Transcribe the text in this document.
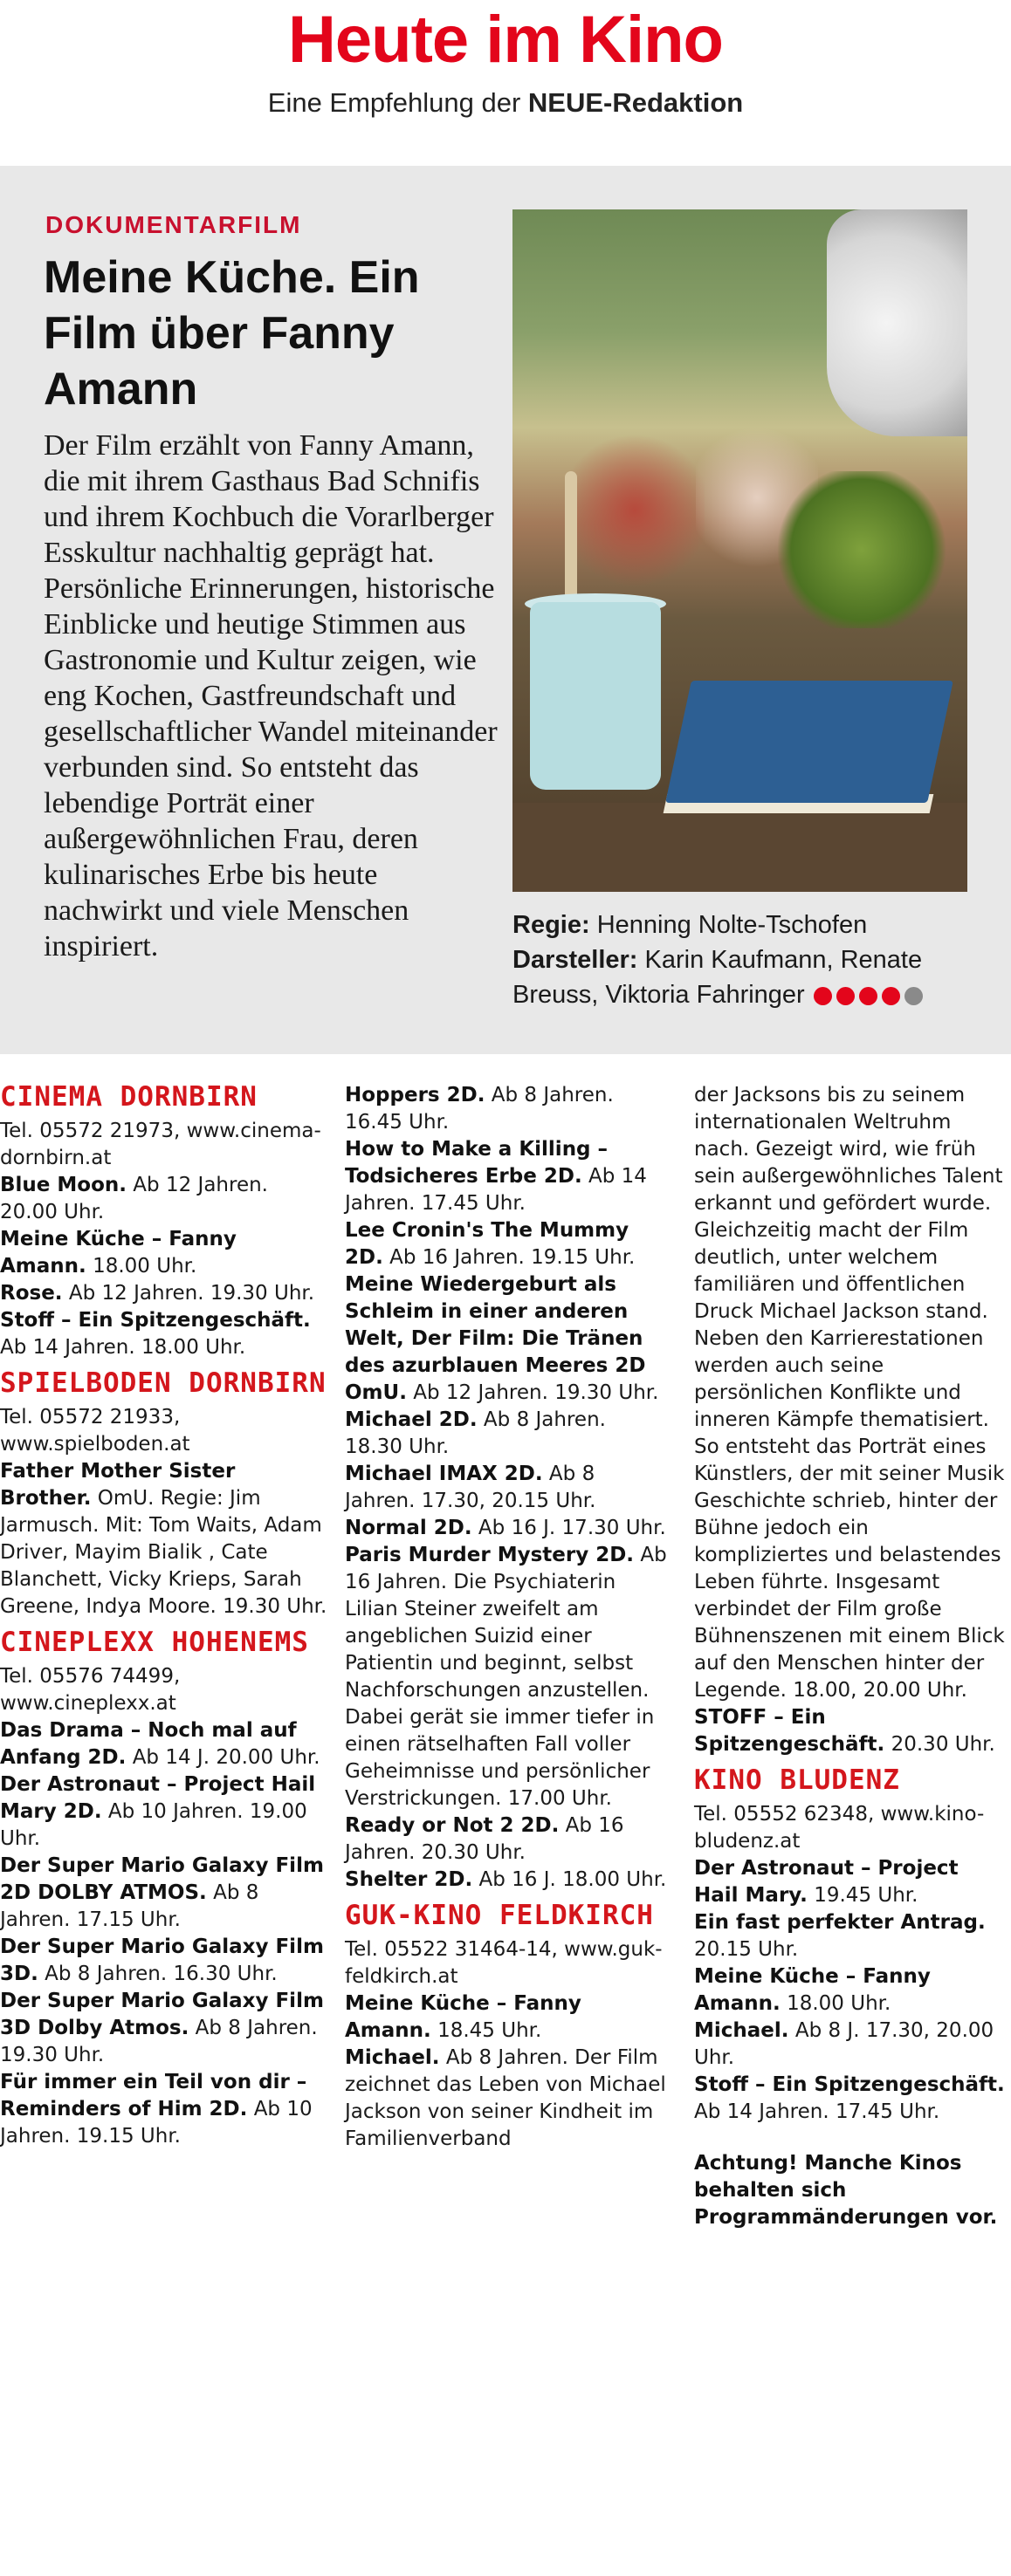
Heute im Kino
Eine Empfehlung der NEUE-Redaktion
DOKUMENTARFILM
Meine Küche. Ein Film über Fanny Amann
Der Film erzählt von Fanny Amann, die mit ihrem Gasthaus Bad Schnifis und ihrem Kochbuch die Vorarlberger Esskultur nachhaltig geprägt hat. Persönliche Erinnerungen, historische Einblicke und heutige Stimmen aus Gastronomie und Kultur zeigen, wie eng Kochen, Gastfreundschaft und gesellschaftlicher Wandel miteinander verbunden sind. So entsteht das lebendige Porträt einer außergewöhnlichen Frau, deren kulinarisches Erbe bis heute nachwirkt und viele Menschen inspiriert.
Regie: Henning Nolte-Tschofen
Darsteller: Karin Kaufmann, Renate Breuss, Viktoria Fahringer
CINEMA DORNBIRN

Tel. 05572 21973, www.cinema-dornbirn.at

Blue Moon. Ab 12 Jahren. 20.00 Uhr.

Meine Küche – Fanny Amann. 18.00 Uhr.

Rose. Ab 12 Jahren. 19.30 Uhr.

Stoff – Ein Spitzengeschäft. Ab 14 Jahren. 18.00 Uhr.

SPIELBODEN DORNBIRN

Tel. 05572 21933, www.spielboden.at

Father Mother Sister Brother. OmU. Regie: Jim Jarmusch. Mit: Tom Waits, Adam Driver, Mayim Bialik , Cate Blanchett, Vicky Krieps, Sarah Greene, Indya Moore. 19.30 Uhr.

CINEPLEXX HOHENEMS

Tel. 05576 74499, www.cineplexx.at

Das Drama – Noch mal auf Anfang 2D. Ab 14 J. 20.00 Uhr.

Der Astronaut – Project Hail Mary 2D. Ab 10 Jahren. 19.00 Uhr.

Der Super Mario Galaxy Film 2D DOLBY ATMOS. Ab 8 Jahren. 17.15 Uhr.

Der Super Mario Galaxy Film 3D. Ab 8 Jahren. 16.30 Uhr.

Der Super Mario Galaxy Film 3D Dolby Atmos. Ab 8 Jahren. 19.30 Uhr.

Für immer ein Teil von dir – Reminders of Him 2D. Ab 10 Jahren. 19.15 Uhr.

Hoppers 2D. Ab 8 Jahren. 16.45 Uhr.

How to Make a Killing – Todsicheres Erbe 2D. Ab 14 Jahren. 17.45 Uhr.

Lee Cronin's The Mummy 2D. Ab 16 Jahren. 19.15 Uhr.

Meine Wiedergeburt als Schleim in einer anderen Welt, Der Film: Die Tränen des azurblauen Meeres 2D OmU. Ab 12 Jahren. 19.30 Uhr.

Michael 2D. Ab 8 Jahren. 18.30 Uhr.

Michael IMAX 2D. Ab 8 Jahren. 17.30, 20.15 Uhr.

Normal 2D. Ab 16 J. 17.30 Uhr.

Paris Murder Mystery 2D. Ab 16 Jahren. Die Psychiaterin Lilian Steiner zweifelt am angeblichen Suizid einer Patientin und beginnt, selbst Nachforschungen anzustellen. Dabei gerät sie immer tiefer in einen rätselhaften Fall voller Geheimnisse und persönlicher Verstrickungen. 17.00 Uhr.

Ready or Not 2 2D. Ab 16 Jahren. 20.30 Uhr.

Shelter 2D. Ab 16 J. 18.00 Uhr.

GUK-KINO FELDKIRCH

Tel. 05522 31464-14, www.guk-feldkirch.at

Meine Küche – Fanny Amann. 18.45 Uhr.

Michael. Ab 8 Jahren. Der Film zeichnet das Leben von Michael Jackson von seiner Kindheit im Familienverband

der Jacksons bis zu seinem internationalen Weltruhm nach. Gezeigt wird, wie früh sein außergewöhnliches Talent erkannt und gefördert wurde. Gleichzeitig macht der Film deutlich, unter welchem familiären und öffentlichen Druck Michael Jackson stand. Neben den Karrierestationen werden auch seine persönlichen Konflikte und inneren Kämpfe thematisiert. So entsteht das Porträt eines Künstlers, der mit seiner Musik Geschichte schrieb, hinter der Bühne jedoch ein kompliziertes und belastendes Leben führte. Insgesamt verbindet der Film große Bühnenszenen mit einem Blick auf den Menschen hinter der Legende. 18.00, 20.00 Uhr.

STOFF – Ein Spitzengeschäft. 20.30 Uhr.

KINO BLUDENZ

Tel. 05552 62348, www.kino-bludenz.at

Der Astronaut – Project Hail Mary. 19.45 Uhr.

Ein fast perfekter Antrag. 20.15 Uhr.

Meine Küche – Fanny Amann. 18.00 Uhr.

Michael. Ab 8 J. 17.30, 20.00 Uhr.

Stoff – Ein Spitzengeschäft. Ab 14 Jahren. 17.45 Uhr.

Achtung! Manche Kinos behalten sich Programmänderungen vor.
